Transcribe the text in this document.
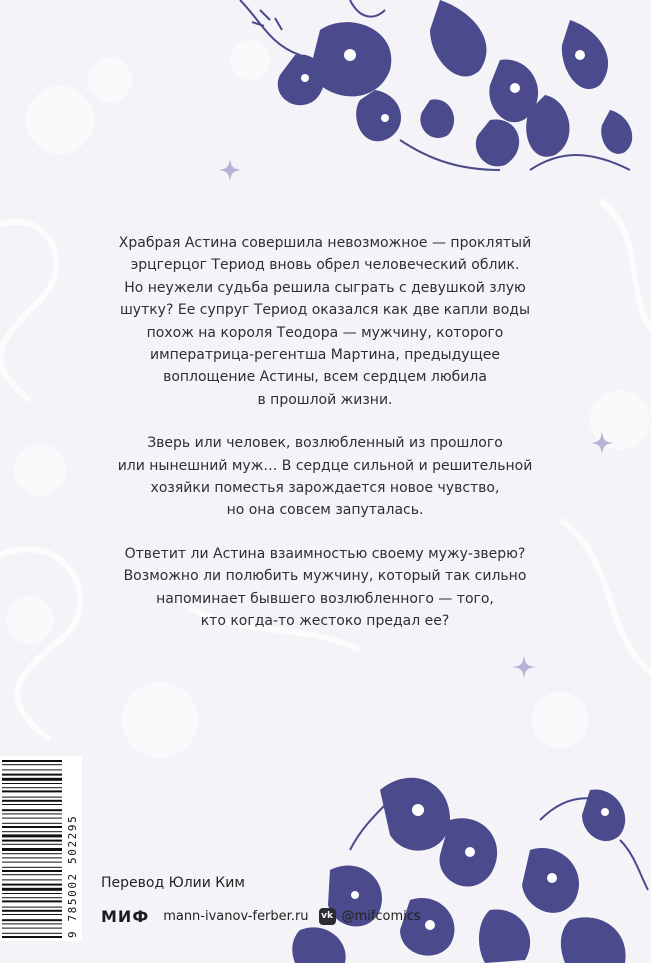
Храбрая Астина совершила невозможное — проклятый
эрцгерцог Териод вновь обрел человеческий облик.
Но неужели судьба решила сыграть с девушкой злую
шутку? Ее супруг Териод оказался как две капли воды
похож на короля Теодора — мужчину, которого
императрица-регентша Мартина, предыдущее
воплощение Астины, всем сердцем любила
в прошлой жизни.

Зверь или человек, возлюбленный из прошлого
или нынешний муж… В сердце сильной и решительной
хозяйки поместья зарождается новое чувство,
но она совсем запуталась.

Ответит ли Астина взаимностью своему мужу-зверю?
Возможно ли полюбить мужчину, который так сильно
напоминает бывшего возлюбленного — того,
кто когда-то жестоко предал ее?

9 785002 502295 Перевод Юлии Ким
МИФ mann-ivanov-ferber.ru vk @mifcomics
